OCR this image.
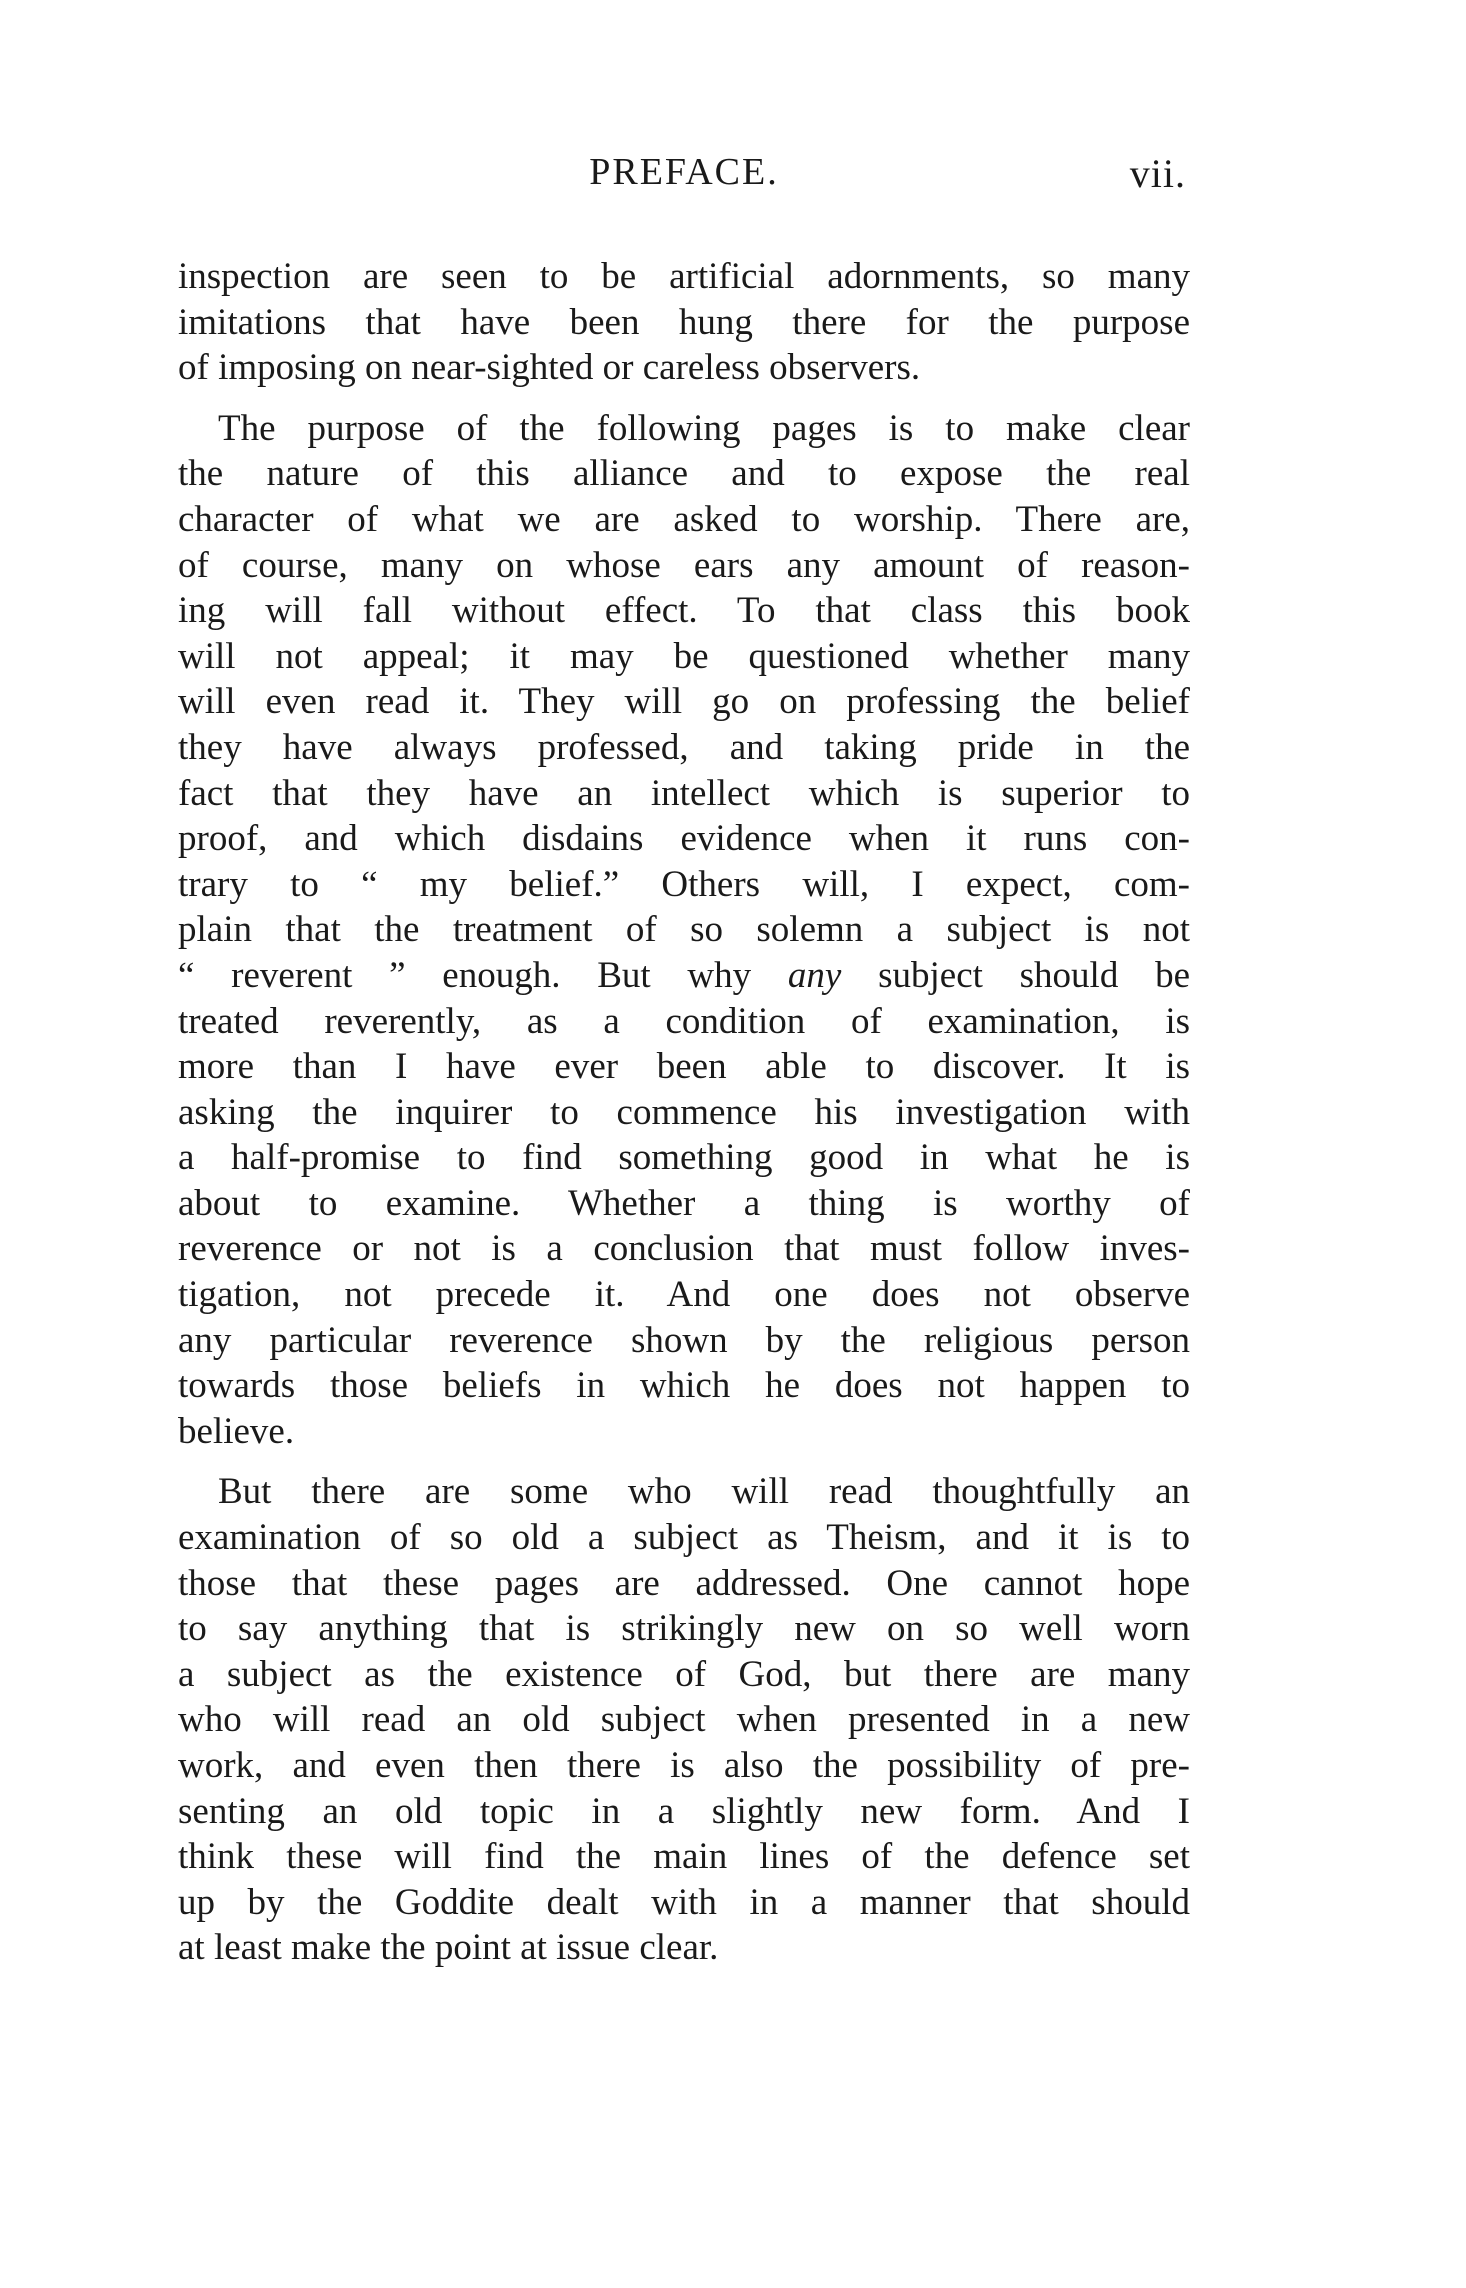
PREFACE.	vii.
inspection are seen to be artificial adornments, so many
imitations that have been hung there for the purpose
of imposing on near-sighted or careless observers.
The purpose of the following pages is to make clear
the nature of this alliance and to expose the real
character of what we are asked to worship. There are,
of course, many on whose ears any amount of reason-
ing will fall without effect. To that class this book
will not appeal; it may be questioned whether many
will even read it. They will go on professing the belief
they have always professed, and taking pride in the
fact that they have an intellect which is superior to
proof, and which disdains evidence when it runs con-
trary to “ my belief.” Others will, I expect, com-
plain that the treatment of so solemn a subject is not
“ reverent ” enough. But why any subject should be
treated reverently, as a condition of examination, is
more than I have ever been able to discover. It is
asking the inquirer to commence his investigation with
a half-promise to find something good in what he is
about to examine. Whether a thing is worthy of
reverence or not is a conclusion that must follow inves-
tigation, not precede it. And one does not observe
any particular reverence shown by the religious person
towards those beliefs in which he does not happen to
believe.
But there are some who will read thoughtfully an
examination of so old a subject as Theism, and it is to
those that these pages are addressed. One cannot hope
to say anything that is strikingly new on so well worn
a subject as the existence of God, but there are many
who will read an old subject when presented in a new
work, and even then there is also the possibility of pre-
senting an old topic in a slightly new form. And I
think these will find the main lines of the defence set
up by the Goddite dealt with in a manner that should
at least make the point at issue clear.
